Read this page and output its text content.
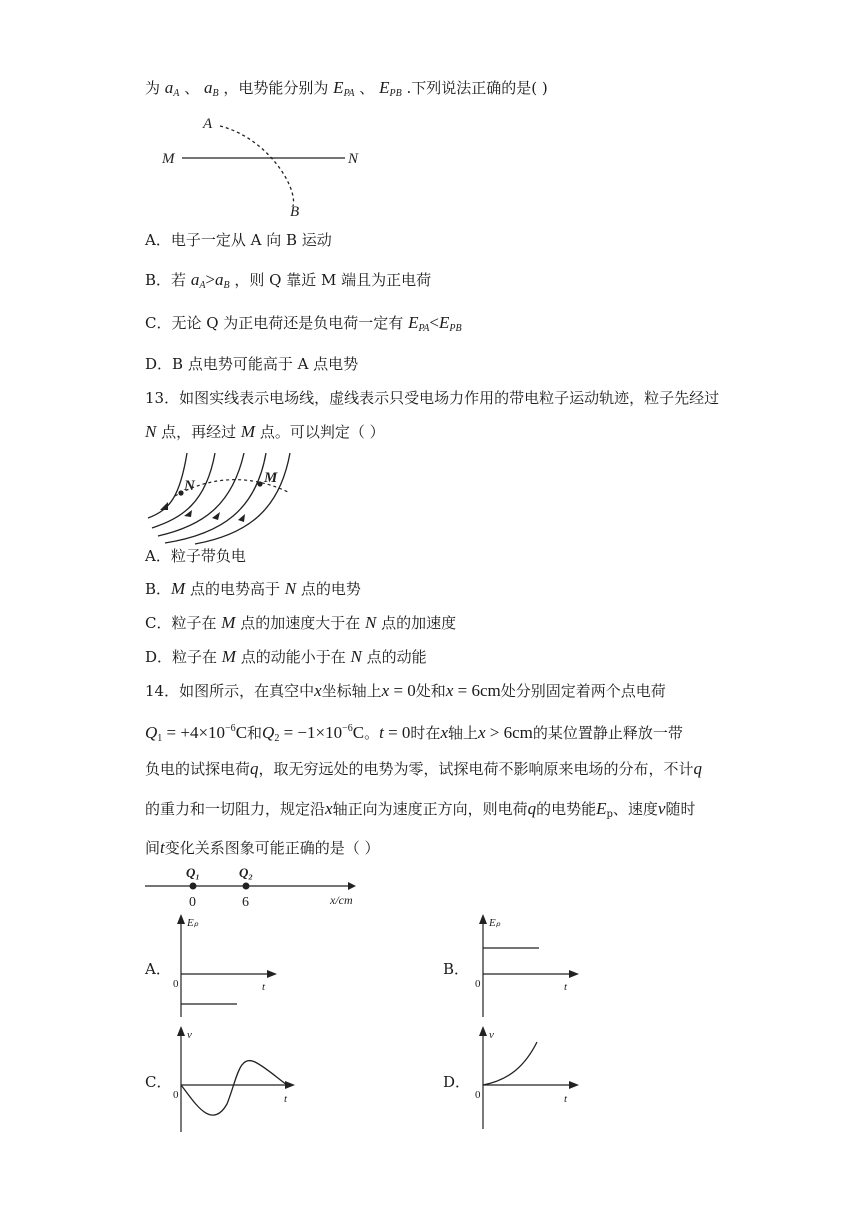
为 $a_A$ 、 $a_B$ ，电势能分别为 $E_{PA}$ 、 $E_{PB}$ .下列说法正确的是( )
A
B
M	N
A．电子一定从 A 向 B 运动
B．若 $a_A>a_B$ ，则 Q 靠近 M 端且为正电荷
C．无论 Q 为正电荷还是负电荷一定有 $E_{PA}<E_{PB}$
D．B 点电势可能高于 A 点电势
13．如图实线表示电场线，虚线表示只受电场力作用的带电粒子运动轨迹，粒子先经过
N 点，再经过 M 点。可以判定（ ）
N	M
A．粒子带负电
B．M 点的电势高于 N 点的电势
C．粒子在 M 点的加速度大于在 N 点的加速度
D．粒子在 M 点的动能小于在 N 点的动能
14．如图所示，在真空中x坐标轴上x = 0处和x = 6cm处分别固定着两个点电荷
$Q1 = +4\times 10^{-6}C$和$Q2 = -1\times 10^{-6}C$。t = 0时在x轴上x > 6cm的某位置静止释放一带
负电的试探电荷q，取无穷远处的电势为零，试探电荷不影响原来电场的分布，不计q
的重力和一切阻力，规定沿x轴正向为速度正方向，则电荷q的电势能$E_p$、速度v随时
间t变化关系图象可能正确的是（ ）
Q₁	Q₂
0	6	x/cm
A．	B．
C．	D．
Eₚ
0	t
Eₚ
0	t
v
0	t
v
0	t
